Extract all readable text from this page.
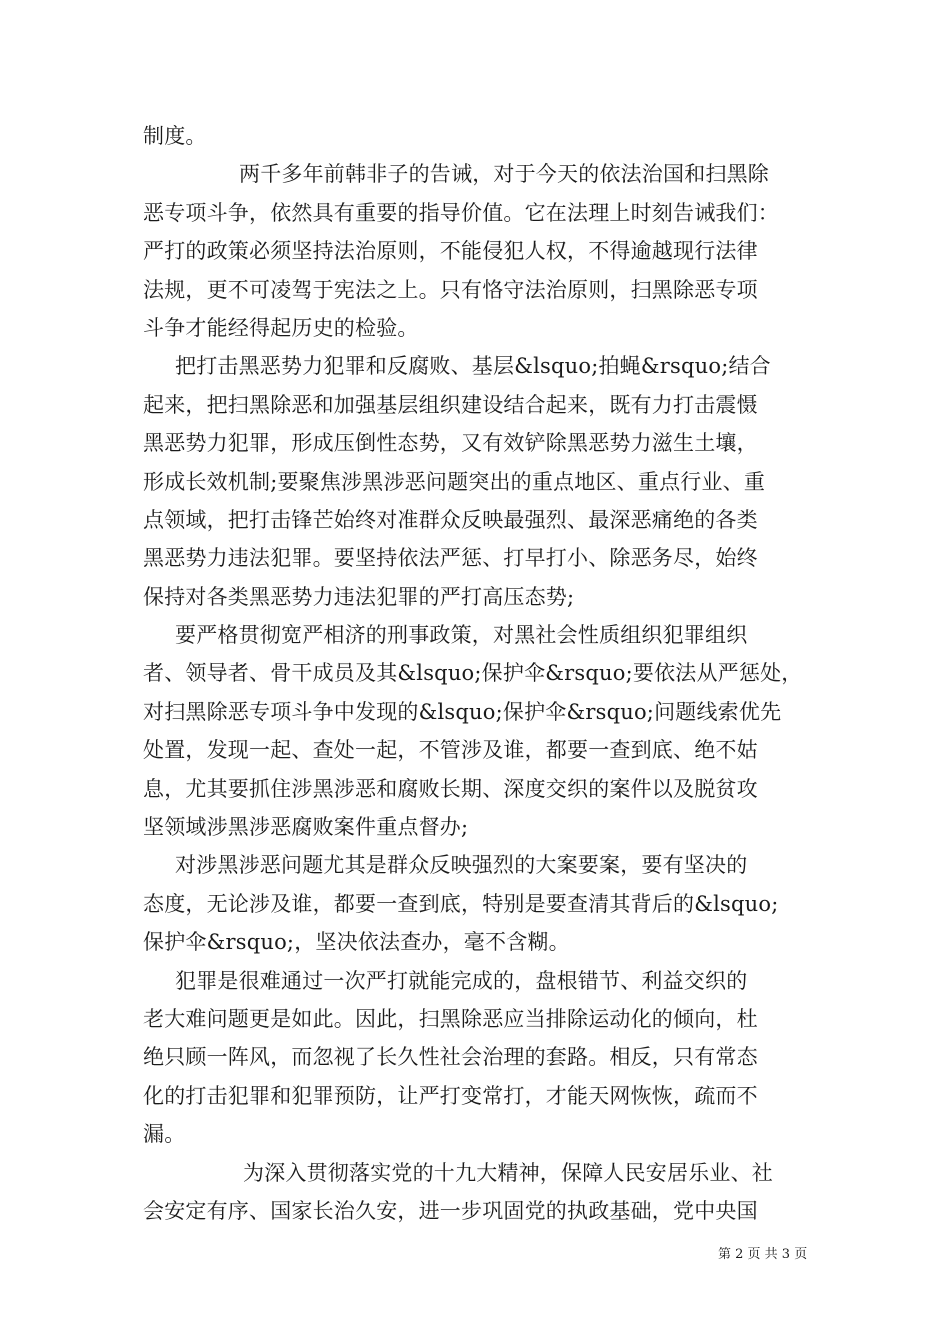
制度。
两千多年前韩非子的告诫，对于今天的依法治国和扫黑除
恶专项斗争，依然具有重要的指导价值。它在法理上时刻告诫我们：
严打的政策必须坚持法治原则，不能侵犯人权，不得逾越现行法律
法规，更不可凌驾于宪法之上。只有恪守法治原则，扫黑除恶专项
斗争才能经得起历史的检验。
把打击黑恶势力犯罪和反腐败、基层&lsquo;拍蝇&rsquo;结合
起来，把扫黑除恶和加强基层组织建设结合起来，既有力打击震慑
黑恶势力犯罪，形成压倒性态势，又有效铲除黑恶势力滋生土壤，
形成长效机制;要聚焦涉黑涉恶问题突出的重点地区、重点行业、重
点领域，把打击锋芒始终对准群众反映最强烈、最深恶痛绝的各类
黑恶势力违法犯罪。要坚持依法严惩、打早打小、除恶务尽，始终
保持对各类黑恶势力违法犯罪的严打高压态势;
要严格贯彻宽严相济的刑事政策，对黑社会性质组织犯罪组织
者、领导者、骨干成员及其&lsquo;保护伞&rsquo;要依法从严惩处，
对扫黑除恶专项斗争中发现的&lsquo;保护伞&rsquo;问题线索优先
处置，发现一起、查处一起，不管涉及谁，都要一查到底、绝不姑
息，尤其要抓住涉黑涉恶和腐败长期、深度交织的案件以及脱贫攻
坚领域涉黑涉恶腐败案件重点督办;
对涉黑涉恶问题尤其是群众反映强烈的大案要案，要有坚决的
态度，无论涉及谁，都要一查到底，特别是要查清其背后的&lsquo;
保护伞&rsquo;，坚决依法查办，毫不含糊。
犯罪是很难通过一次严打就能完成的，盘根错节、利益交织的
老大难问题更是如此。因此，扫黑除恶应当排除运动化的倾向，杜
绝只顾一阵风，而忽视了长久性社会治理的套路。相反，只有常态
化的打击犯罪和犯罪预防，让严打变常打，才能天网恢恢，疏而不
漏。
为深入贯彻落实党的十九大精神，保障人民安居乐业、社
会安定有序、国家长治久安，进一步巩固党的执政基础，党中央国
第 2 页 共 3 页
